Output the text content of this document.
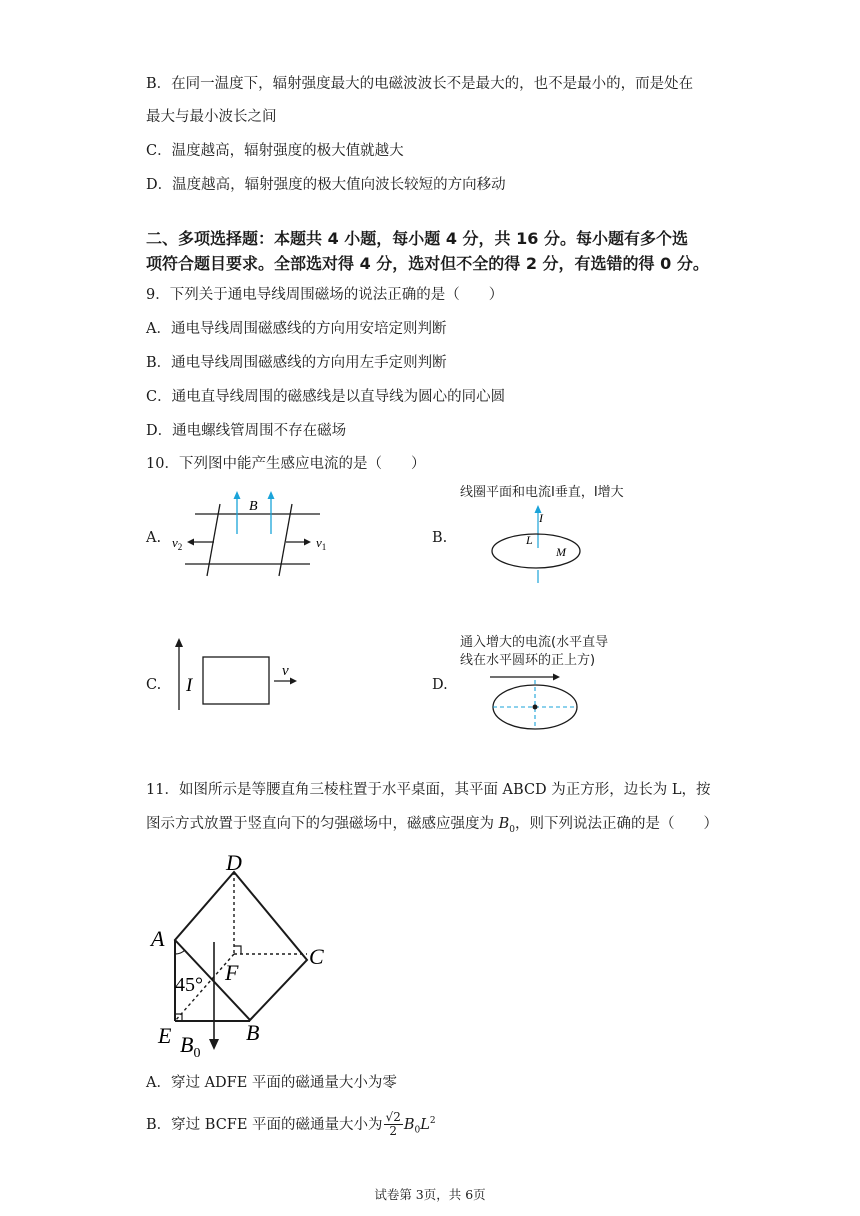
B．在同一温度下，辐射强度最大的电磁波波长不是最大的，也不是最小的，而是处在
最大与最小波长之间
C．温度越高，辐射强度的极大值就越大
D．温度越高，辐射强度的极大值向波长较短的方向移动
二、多项选择题：本题共 4 小题，每小题 4 分，共 16 分。每小题有多个选
项符合题目要求。全部选对得 4 分，选对但不全的得 2 分，有选错的得 0 分。
9．下列关于通电导线周围磁场的说法正确的是（　　）
A．通电导线周围磁感线的方向用安培定则判断
B．通电导线周围磁感线的方向用左手定则判断
C．通电直导线周围的磁感线是以直导线为圆心的同心圆
D．通电螺线管周围不存在磁场
10．下列图中能产生感应电流的是（　　）
A.
B
$v_2$	$v_1$
B.
线圈平面和电流I垂直，I增大
I
L
M
C. I
v
D.
通入增大的电流(水平直导
线在水平圆环的正上方)
11．如图所示是等腰直角三棱柱置于水平桌面，其平面 ABCD 为正方形，边长为 L，按
图示方式放置于竖直向下的匀强磁场中，磁感应强度为 $B_0$，则下列说法正确的是（　　）
D
A
C
F
45°
E	B
$B_0$
A．穿过 ADFE 平面的磁通量大小为零
B．穿过 BCFE 平面的磁通量大小为 $\frac{√2}{2} B_0L^2$
试卷第 3页，共 6页
